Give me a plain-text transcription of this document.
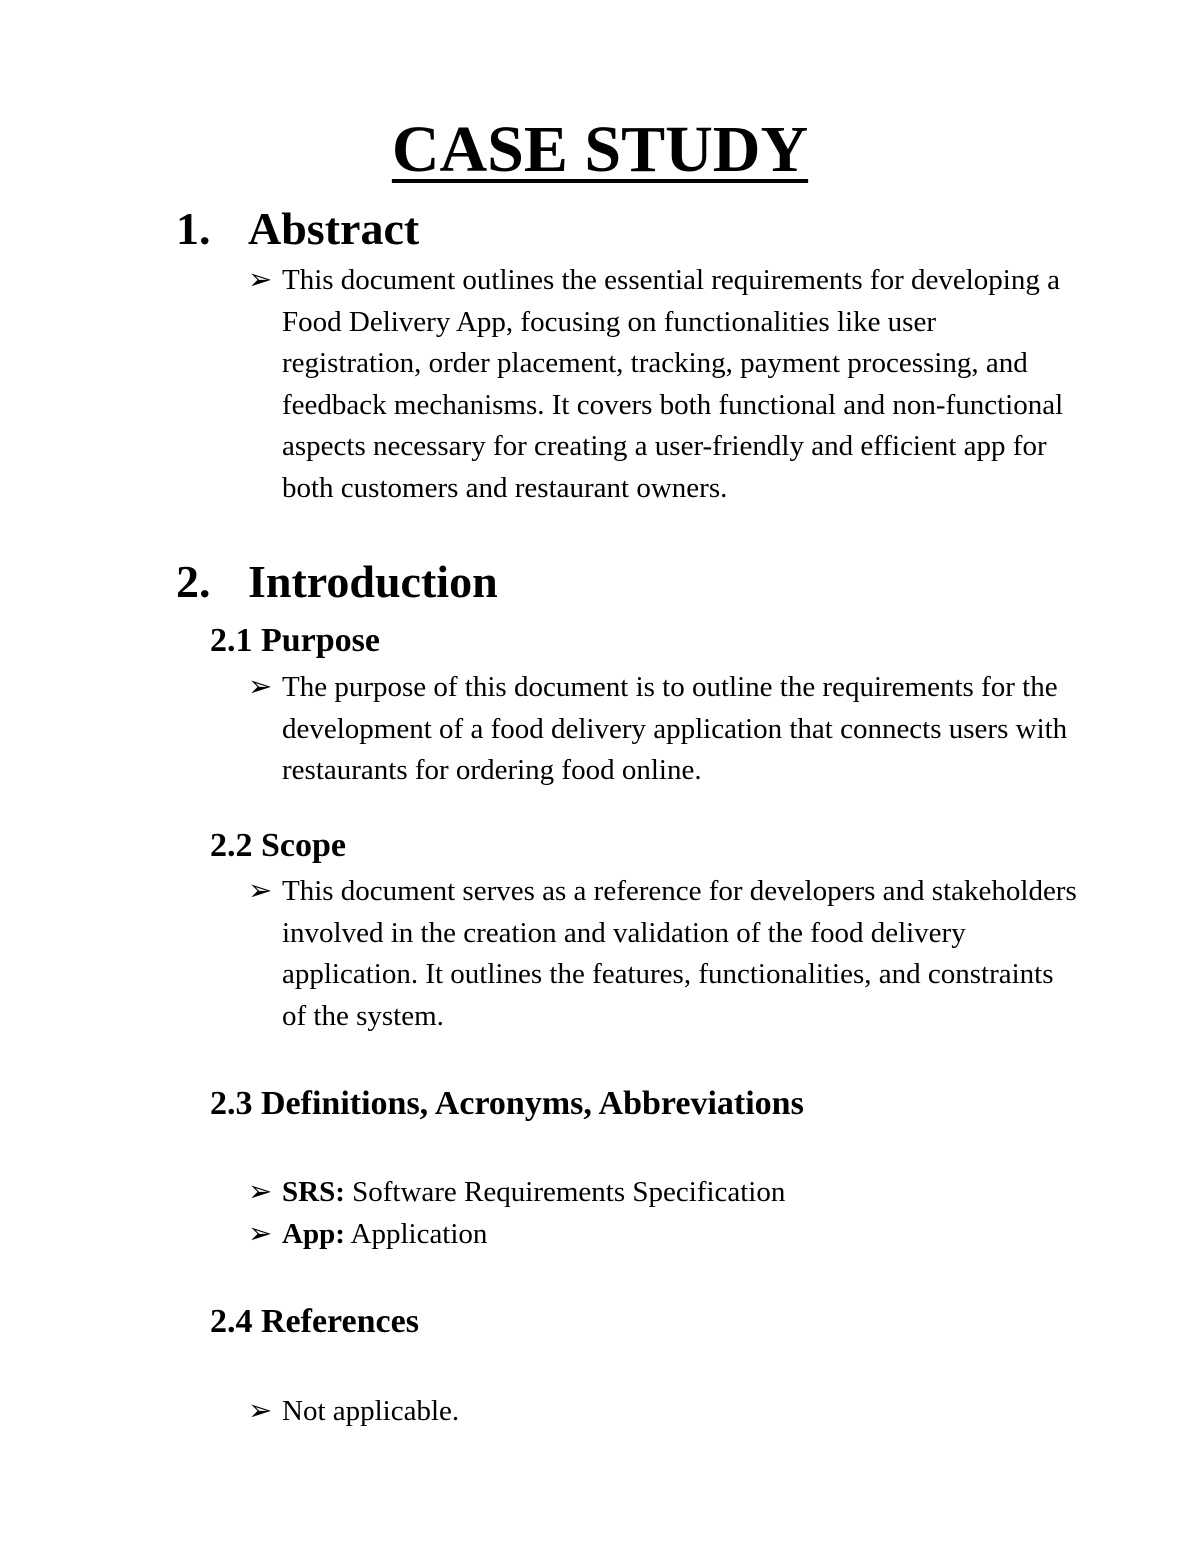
CASE STUDY
1. Abstract

➢ This document outlines the essential requirements for developing a Food Delivery App, focusing on functionalities like user registration, order placement, tracking, payment processing, and feedback mechanisms. It covers both functional and non-functional aspects necessary for creating a user-friendly and efficient app for both customers and restaurant owners.

2. Introduction
2.1 Purpose

➢ The purpose of this document is to outline the requirements for the development of a food delivery application that connects users with restaurants for ordering food online.

2.2 Scope

➢ This document serves as a reference for developers and stakeholders involved in the creation and validation of the food delivery application. It outlines the features, functionalities, and constraints of the system.

2.3 Definitions, Acronyms, Abbreviations

➢ SRS: Software Requirements Specification

➢ App: Application

2.4 References

➢ Not applicable.
